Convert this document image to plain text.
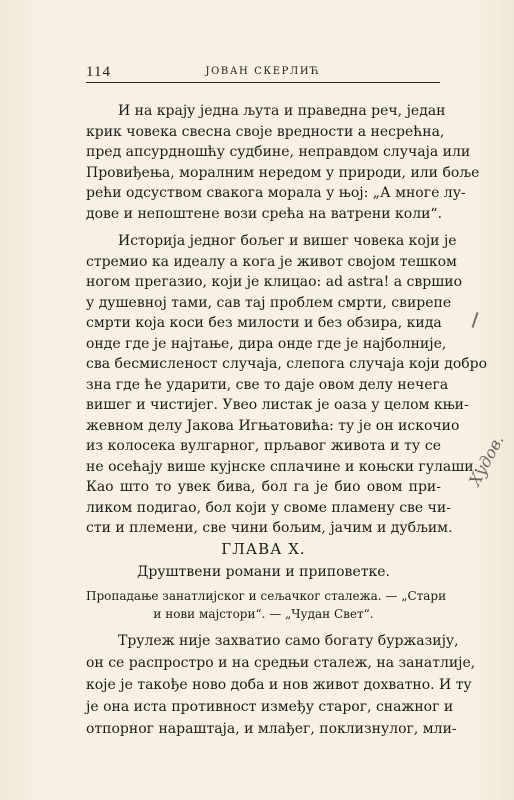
114	ЈОВАН СКЕРЛИЋ
И на крају једна љута и праведна реч, један
крик човека свесна своје вредности а несрећна,
пред апсурдношћу судбине, неправдом случаја или
Провиђења, моралним нередом у природи, или боље
рећи одсуством свакога морала у њој: „А многе лу-
дове и непоштене вози срећа на ватрени коли“.
Историја једног бољег и вишег човека који је
стремио ка идеалу а кога је живот својом тешком
ногом прегазио, који је клицао: ad astra! а свршио
у душевној тами, сав тај проблем смрти, свирепе
смрти која коси без милости и без обзира, кида
онде где је најтање, дира онде где је најболније,
сва бесмисленост случаја, слепога случаја који добро
зна где ће ударити, све то даје овом делу нечега
вишег и чистијег. Увео листак је оаза у целом књи-
жевном делу Јакова Игњатовића: ту је он искочио
из колосека вулгарног, прљавог живота и ту се
не осећају више кујнске сплачине и коњски гулаши.
Као што то увек бива, бол га је био овом при-
ликом подигао, бол који у своме пламену све чи-
ГЛАВА X.
Друштвени романи и приповетке.
Пропадање занатлијског и сељачког сталежа. — „Стари
и нови мајстори“. — „Чудан Свет“.
Трулеж није захватио само богату буржазију,
он се распрострo и на средњи сталеж, на занатлије,
које је такође ново доба и нов живот дохватно. И ту
је она иста противност између старог, снажног и
отпорног нараштаја, и млађег, поклизнулог, мли-
Худов.
сти и племени, све чини бољим, јачим и дубљим.
